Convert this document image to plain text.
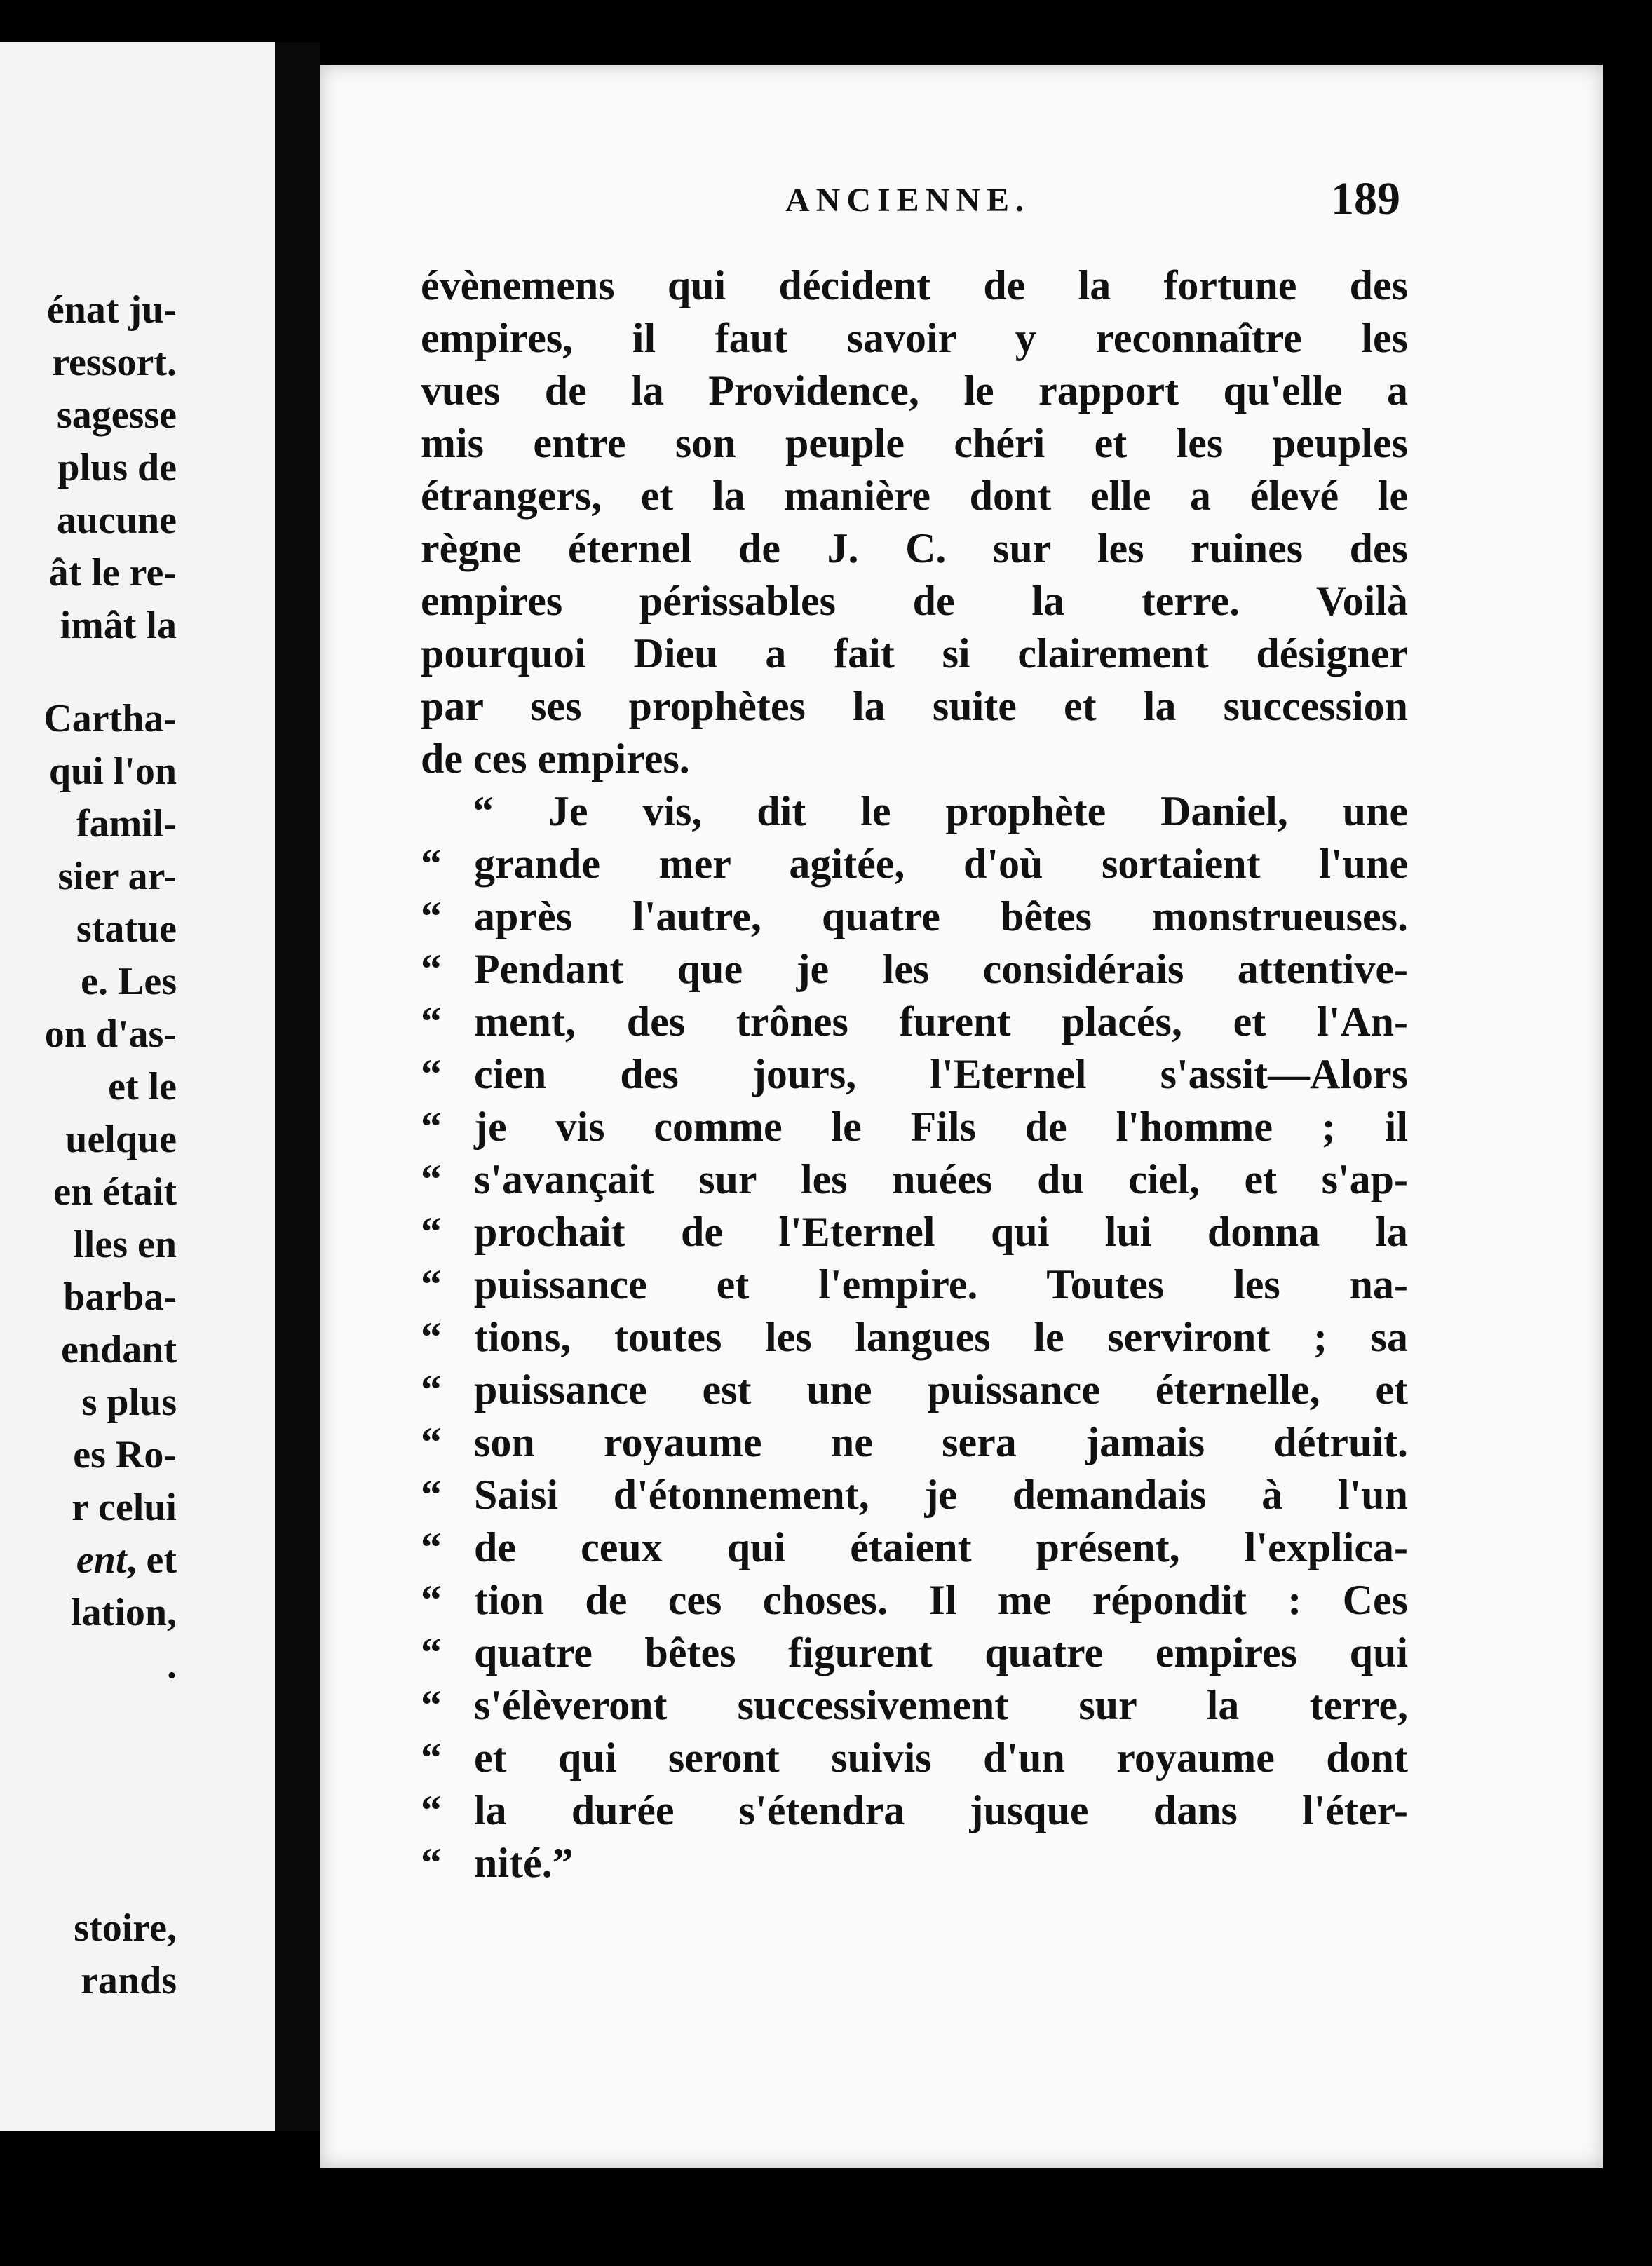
énat ju-
ressort.
sagesse
plus de
aucune
ât le re-
imât la
Cartha-
qui l'on
famil-
sier ar-
statue
e. Les
on d'as-
et le
uelque
en était
lles en
barba-
endant
s plus
es Ro-
r celui
ent, et
lation,
.
stoire,
rands
ANCIENNE.	189
évènemens qui décident de la fortune des
empires, il faut savoir y reconnaître les
vues de la Providence, le rapport qu'elle a
mis entre son peuple chéri et les peuples
étrangers, et la manière dont elle a élevé le
règne éternel de J. C. sur les ruines des
empires périssables de la terre. Voilà
pourquoi Dieu a fait si clairement désigner
par ses prophètes la suite et la succession
de ces empires.
“ Je vis, dit le prophète Daniel, une
“ grande mer agitée, d'où sortaient l'une
“ après l'autre, quatre bêtes monstrueuses.
“ Pendant que je les considérais attentive-
“ ment, des trônes furent placés, et l'An-
“ cien des jours, l'Eternel s'assit—Alors
“ je vis comme le Fils de l'homme ; il
“ s'avançait sur les nuées du ciel, et s'ap-
“ prochait de l'Eternel qui lui donna la
“ puissance et l'empire. Toutes les na-
“ tions, toutes les langues le serviront ; sa
“ puissance est une puissance éternelle, et
“ son royaume ne sera jamais détruit.
“ Saisi d'étonnement, je demandais à l'un
“ de ceux qui étaient présent, l'explica-
“ tion de ces choses. Il me répondit : Ces
“ quatre bêtes figurent quatre empires qui
“ s'élèveront successivement sur la terre,
“ et qui seront suivis d'un royaume dont
“ la durée s'étendra jusque dans l'éter-
“ nité.”
